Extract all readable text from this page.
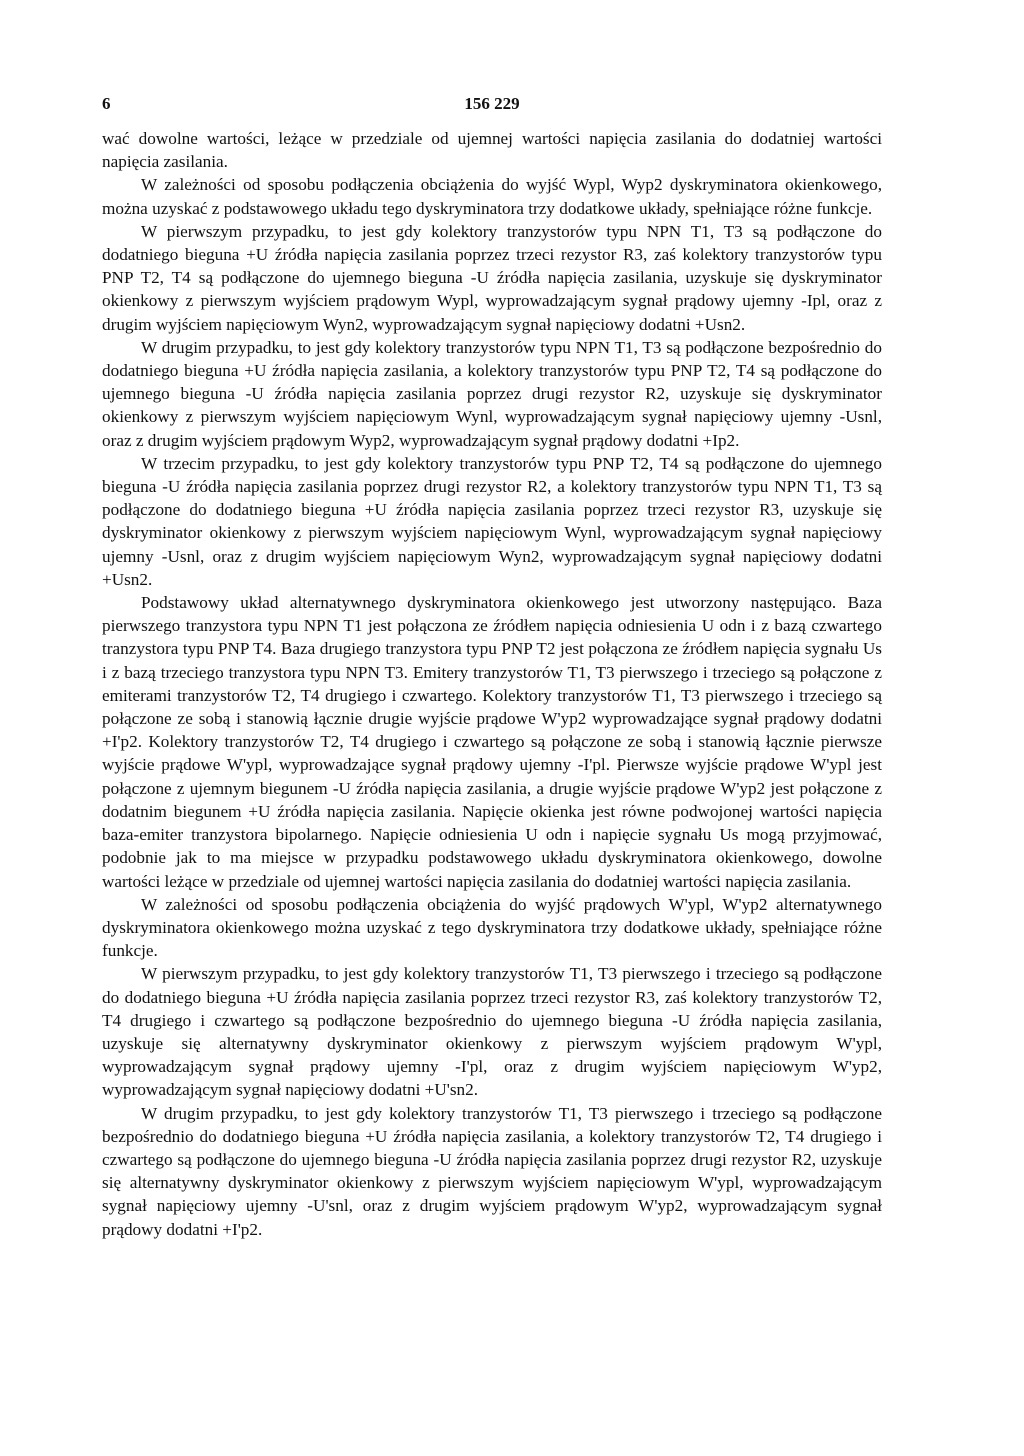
6	156 229

wać dowolne wartości, leżące w przedziale od ujemnej wartości napięcia zasilania do dodatniej wartości napięcia zasilania.

W zależności od sposobu podłączenia obciążenia do wyjść Wypl, Wyp2 dyskryminatora okienkowego, można uzyskać z podstawowego układu tego dyskryminatora trzy dodatkowe układy, spełniające różne funkcje.

W pierwszym przypadku, to jest gdy kolektory tranzystorów typu NPN T1, T3 są podłączone do dodatniego bieguna +U źródła napięcia zasilania poprzez trzeci rezystor R3, zaś kolektory tranzystorów typu PNP T2, T4 są podłączone do ujemnego bieguna -U źródła napięcia zasilania, uzyskuje się dyskryminator okienkowy z pierwszym wyjściem prądowym Wypl, wyprowadzającym sygnał prądowy ujemny -Ipl, oraz z drugim wyjściem napięciowym Wyn2, wyprowadzającym sygnał napięciowy dodatni +Usn2.

W drugim przypadku, to jest gdy kolektory tranzystorów typu NPN T1, T3 są podłączone bezpośrednio do dodatniego bieguna +U źródła napięcia zasilania, a kolektory tranzystorów typu PNP T2, T4 są podłączone do ujemnego bieguna -U źródła napięcia zasilania poprzez drugi rezystor R2, uzyskuje się dyskryminator okienkowy z pierwszym wyjściem napięciowym Wynl, wyprowadzającym sygnał napięciowy ujemny -Usnl, oraz z drugim wyjściem prądowym Wyp2, wyprowadzającym sygnał prądowy dodatni +Ip2.

W trzecim przypadku, to jest gdy kolektory tranzystorów typu PNP T2, T4 są podłączone do ujemnego bieguna -U źródła napięcia zasilania poprzez drugi rezystor R2, a kolektory tranzystorów typu NPN T1, T3 są podłączone do dodatniego bieguna +U źródła napięcia zasilania poprzez trzeci rezystor R3, uzyskuje się dyskryminator okienkowy z pierwszym wyjściem napięciowym Wynl, wyprowadzającym sygnał napięciowy ujemny -Usnl, oraz z drugim wyjściem napięciowym Wyn2, wyprowadzającym sygnał napięciowy dodatni +Usn2.

Podstawowy układ alternatywnego dyskryminatora okienkowego jest utworzony następująco. Baza pierwszego tranzystora typu NPN T1 jest połączona ze źródłem napięcia odniesienia U odn i z bazą czwartego tranzystora typu PNP T4. Baza drugiego tranzystora typu PNP T2 jest połączona ze źródłem napięcia sygnału Us i z bazą trzeciego tranzystora typu NPN T3. Emitery tranzystorów T1, T3 pierwszego i trzeciego są połączone z emiterami tranzystorów T2, T4 drugiego i czwartego. Kolektory tranzystorów T1, T3 pierwszego i trzeciego są połączone ze sobą i stanowią łącznie drugie wyjście prądowe W'yp2 wyprowadzające sygnał prądowy dodatni +I'p2. Kolektory tranzystorów T2, T4 drugiego i czwartego są połączone ze sobą i stanowią łącznie pierwsze wyjście prądowe W'ypl, wyprowadzające sygnał prądowy ujemny -I'pl. Pierwsze wyjście prądowe W'ypl jest połączone z ujemnym biegunem -U źródła napięcia zasilania, a drugie wyjście prądowe W'yp2 jest połączone z dodatnim biegunem +U źródła napięcia zasilania. Napięcie okienka jest równe podwojonej wartości napięcia baza-emiter tranzystora bipolarnego. Napięcie odniesienia U odn i napięcie sygnału Us mogą przyjmować, podobnie jak to ma miejsce w przypadku podstawowego układu dyskryminatora okienkowego, dowolne wartości leżące w przedziale od ujemnej wartości napięcia zasilania do dodatniej wartości napięcia zasilania.

W zależności od sposobu podłączenia obciążenia do wyjść prądowych W'ypl, W'yp2 alternatywnego dyskryminatora okienkowego można uzyskać z tego dyskryminatora trzy dodatkowe układy, spełniające różne funkcje.

W pierwszym przypadku, to jest gdy kolektory tranzystorów T1, T3 pierwszego i trzeciego są podłączone do dodatniego bieguna +U źródła napięcia zasilania poprzez trzeci rezystor R3, zaś kolektory tranzystorów T2, T4 drugiego i czwartego są podłączone bezpośrednio do ujemnego bieguna -U źródła napięcia zasilania, uzyskuje się alternatywny dyskryminator okienkowy z pierwszym wyjściem prądowym W'ypl, wyprowadzającym sygnał prądowy ujemny -I'pl, oraz z drugim wyjściem napięciowym W'yp2, wyprowadzającym sygnał napięciowy dodatni +U'sn2.

W drugim przypadku, to jest gdy kolektory tranzystorów T1, T3 pierwszego i trzeciego są podłączone bezpośrednio do dodatniego bieguna +U źródła napięcia zasilania, a kolektory tranzystorów T2, T4 drugiego i czwartego są podłączone do ujemnego bieguna -U źródła napięcia zasilania poprzez drugi rezystor R2, uzyskuje się alternatywny dyskryminator okienkowy z pierwszym wyjściem napięciowym W'ypl, wyprowadzającym sygnał napięciowy ujemny -U'snl, oraz z drugim wyjściem prądowym W'yp2, wyprowadzającym sygnał prądowy dodatni +I'p2.
